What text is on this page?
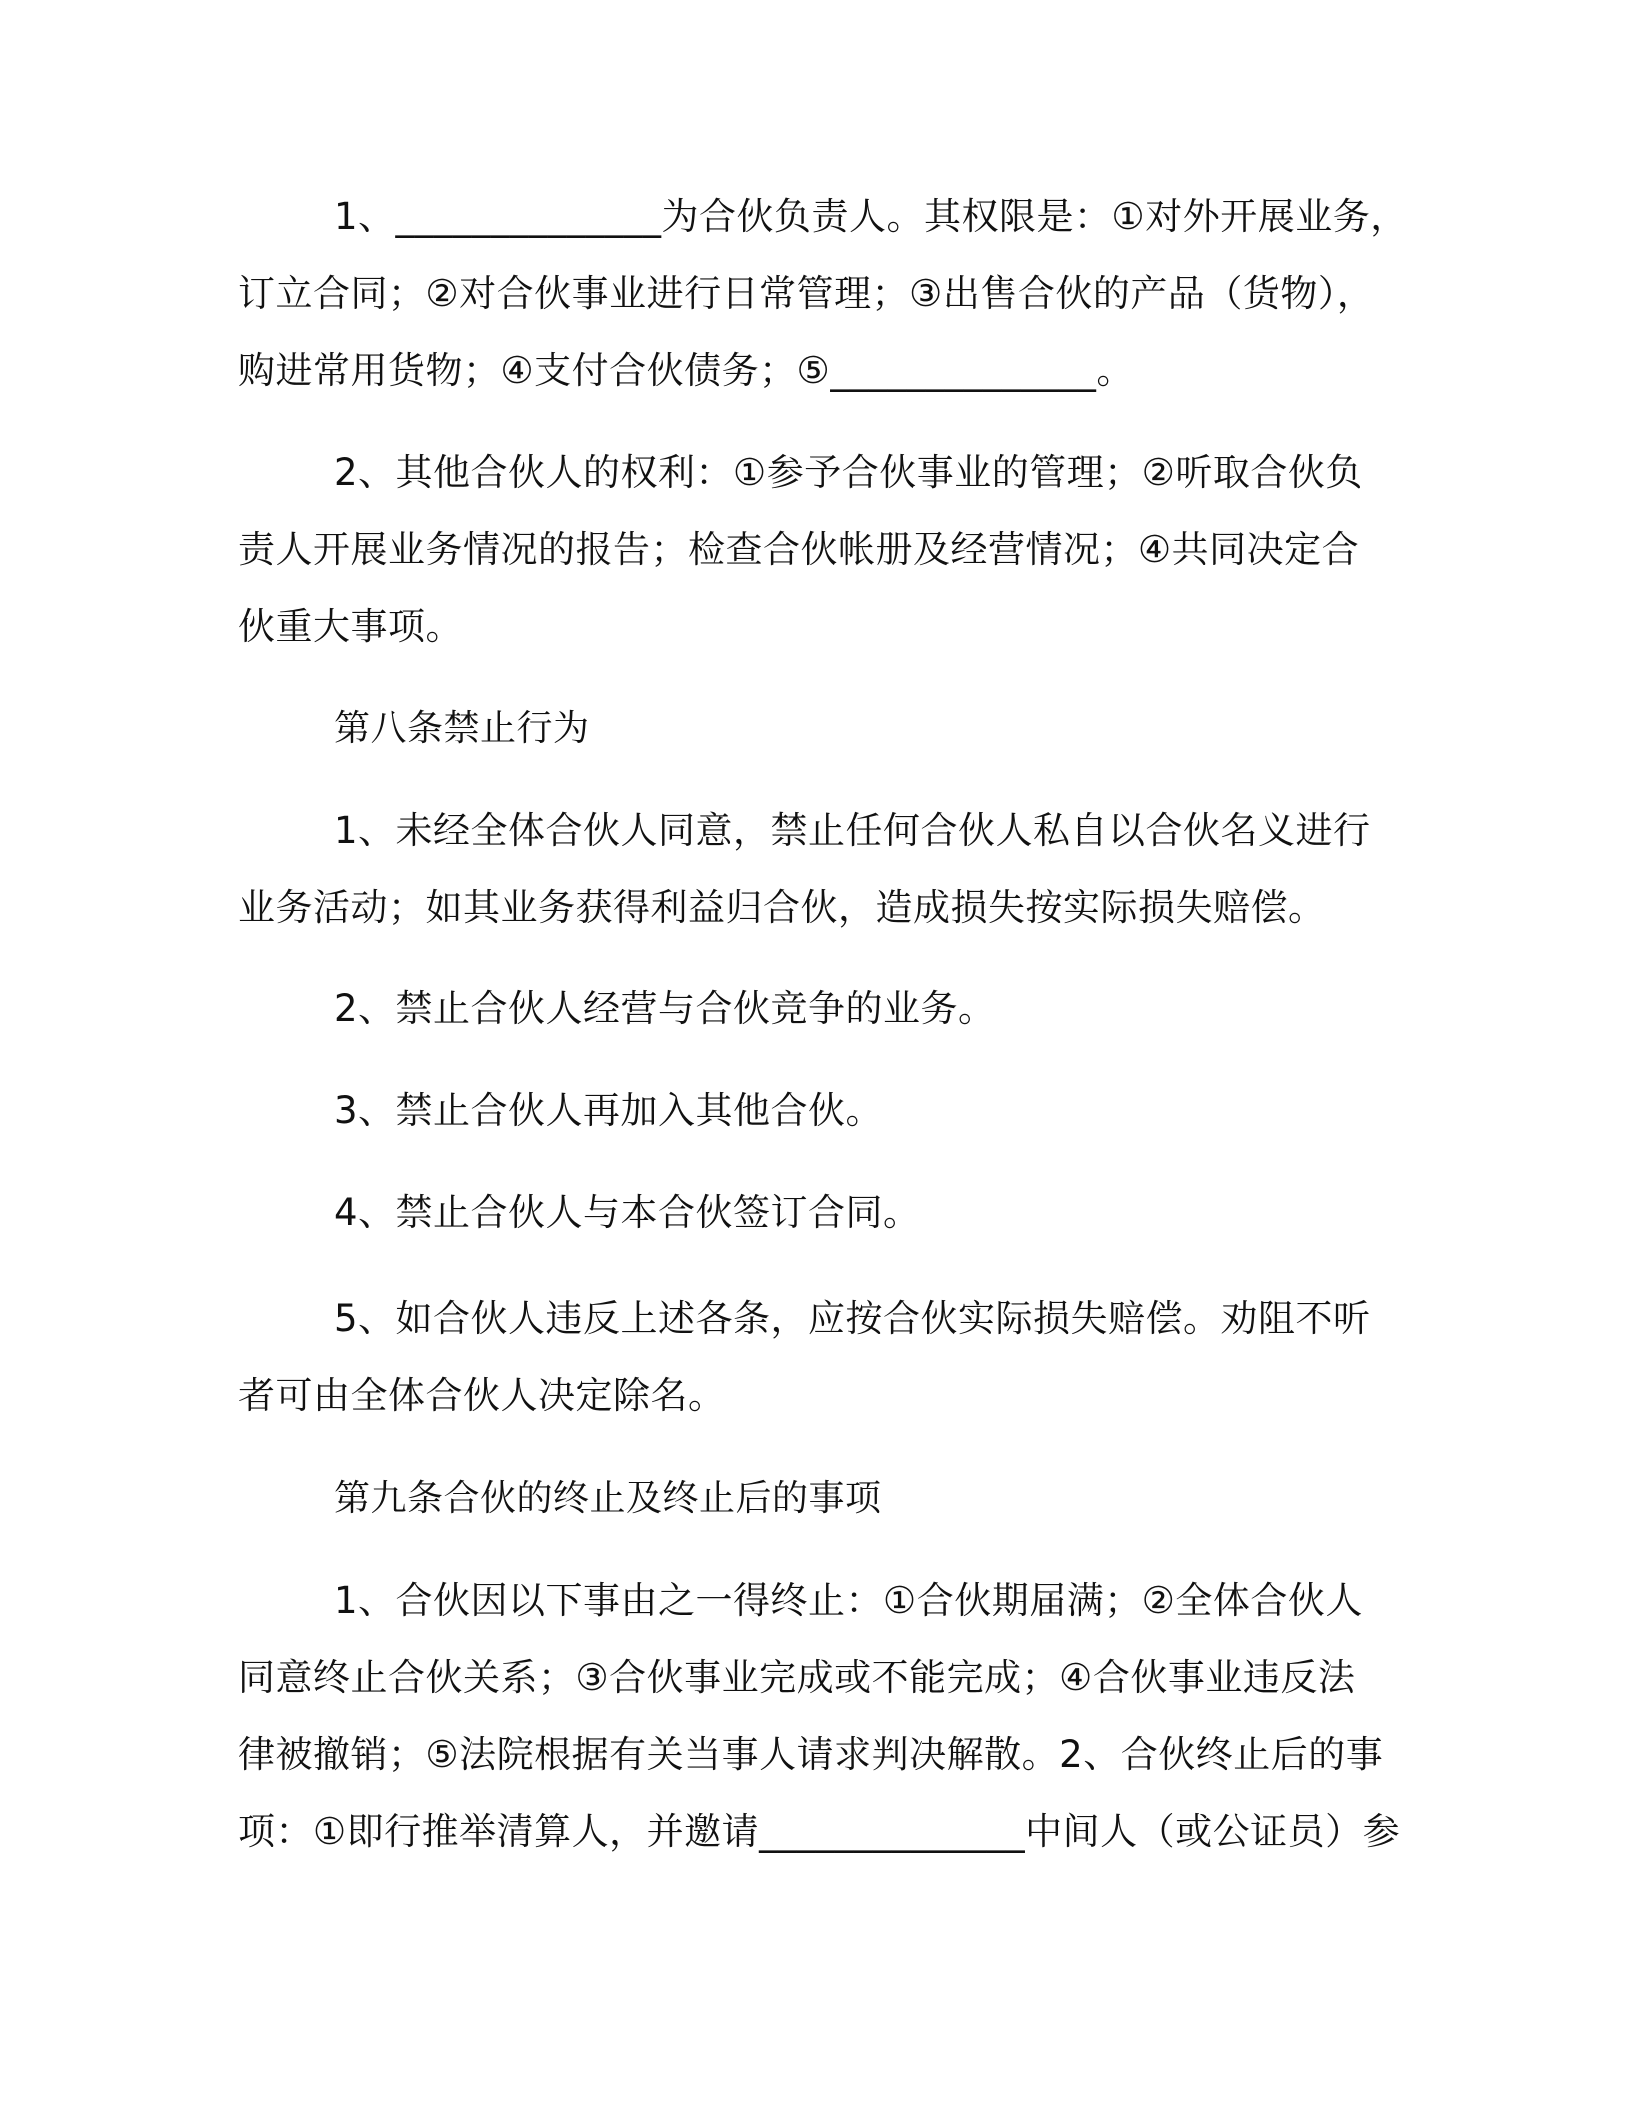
1、______________为合伙负责人。其权限是：①对外开展业务，
订立合同；②对合伙事业进行日常管理；③出售合伙的产品（货物），
购进常用货物；④支付合伙债务；⑤______________。
2、其他合伙人的权利：①参予合伙事业的管理；②听取合伙负
责人开展业务情况的报告；检查合伙帐册及经营情况；④共同决定合
伙重大事项。
第八条禁止行为
1、未经全体合伙人同意，禁止任何合伙人私自以合伙名义进行
业务活动；如其业务获得利益归合伙，造成损失按实际损失赔偿。
2、禁止合伙人经营与合伙竞争的业务。
3、禁止合伙人再加入其他合伙。
4、禁止合伙人与本合伙签订合同。
5、如合伙人违反上述各条，应按合伙实际损失赔偿。劝阻不听
者可由全体合伙人决定除名。
第九条合伙的终止及终止后的事项
1、合伙因以下事由之一得终止：①合伙期届满；②全体合伙人
同意终止合伙关系；③合伙事业完成或不能完成；④合伙事业违反法
律被撤销；⑤法院根据有关当事人请求判决解散。2、合伙终止后的事
项：①即行推举清算人，并邀请______________中间人（或公证员）参
